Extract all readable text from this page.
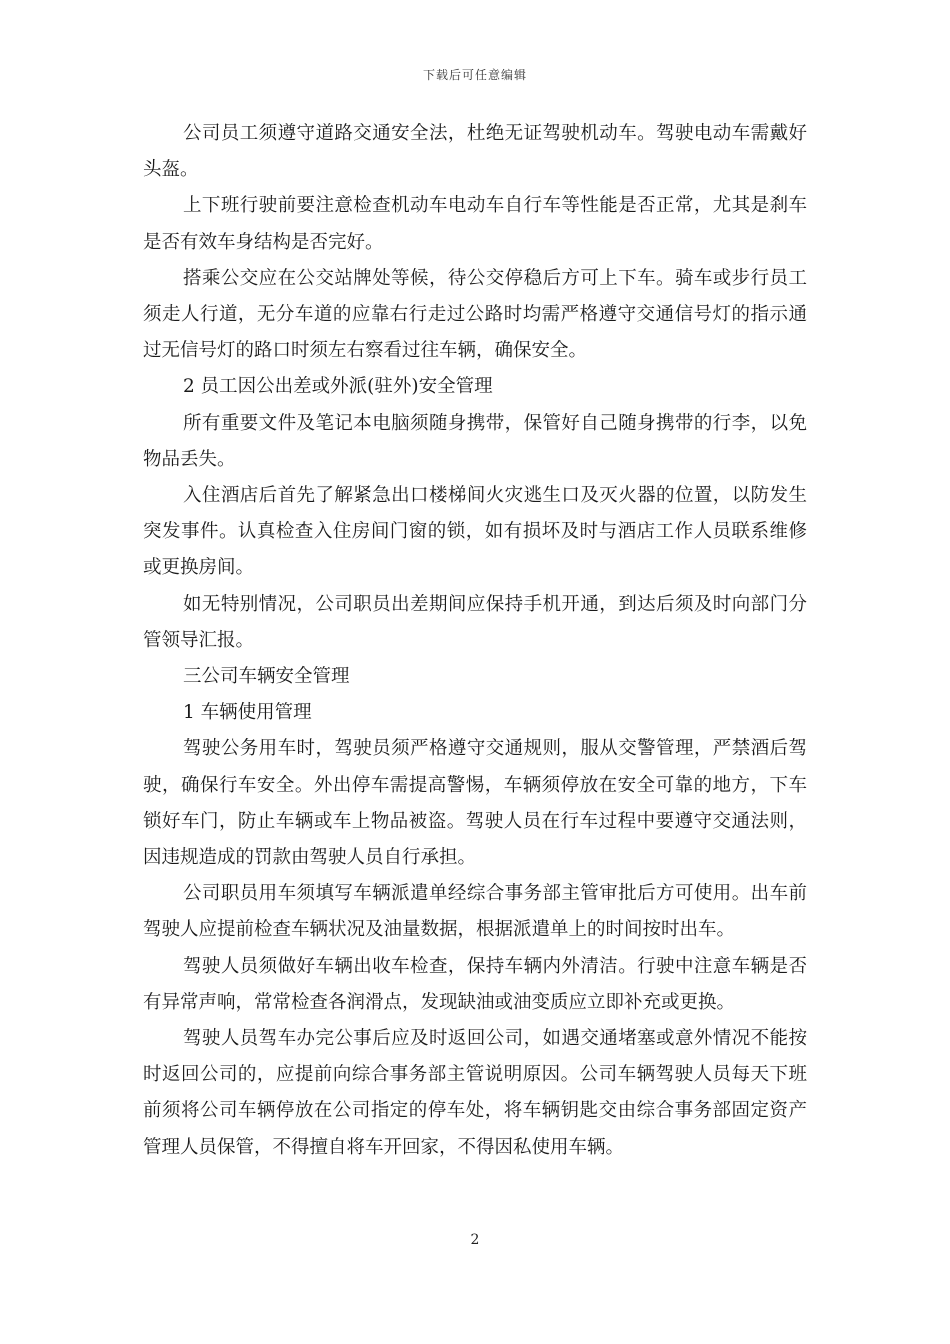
下载后可任意编辑

公司员工须遵守道路交通安全法，杜绝无证驾驶机动车。驾驶电动车需戴好头盔。

上下班行驶前要注意检查机动车电动车自行车等性能是否正常，尤其是刹车是否有效车身结构是否完好。

搭乘公交应在公交站牌处等候，待公交停稳后方可上下车。骑车或步行员工须走人行道，无分车道的应靠右行走过公路时均需严格遵守交通信号灯的指示通过无信号灯的路口时须左右察看过往车辆，确保安全。

2 员工因公出差或外派(驻外)安全管理

所有重要文件及笔记本电脑须随身携带，保管好自己随身携带的行李，以免物品丢失。

入住酒店后首先了解紧急出口楼梯间火灾逃生口及灭火器的位置，以防发生突发事件。认真检查入住房间门窗的锁，如有损坏及时与酒店工作人员联系维修或更换房间。

如无特别情况，公司职员出差期间应保持手机开通，到达后须及时向部门分管领导汇报。

三公司车辆安全管理

1 车辆使用管理

驾驶公务用车时，驾驶员须严格遵守交通规则，服从交警管理，严禁酒后驾驶，确保行车安全。外出停车需提高警惕，车辆须停放在安全可靠的地方，下车锁好车门，防止车辆或车上物品被盗。驾驶人员在行车过程中要遵守交通法则，因违规造成的罚款由驾驶人员自行承担。

公司职员用车须填写车辆派遣单经综合事务部主管审批后方可使用。出车前驾驶人应提前检查车辆状况及油量数据，根据派遣单上的时间按时出车。

驾驶人员须做好车辆出收车检查，保持车辆内外清洁。行驶中注意车辆是否有异常声响，常常检查各润滑点，发现缺油或油变质应立即补充或更换。

驾驶人员驾车办完公事后应及时返回公司，如遇交通堵塞或意外情况不能按时返回公司的，应提前向综合事务部主管说明原因。公司车辆驾驶人员每天下班前须将公司车辆停放在公司指定的停车处，将车辆钥匙交由综合事务部固定资产管理人员保管，不得擅自将车开回家，不得因私使用车辆。

2
